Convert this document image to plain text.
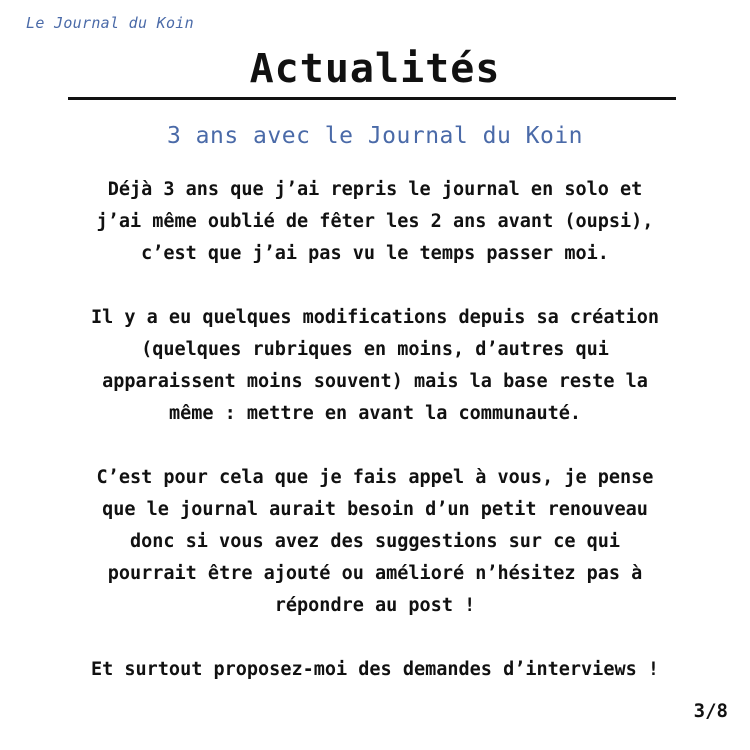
Le Journal du Koin
Actualités
3 ans avec le Journal du Koin

Déjà 3 ans que j’ai repris le journal en solo et
j’ai même oublié de fêter les 2 ans avant (oupsi),
c’est que j’ai pas vu le temps passer moi.

Il y a eu quelques modifications depuis sa création
(quelques rubriques en moins, d’autres qui
apparaissent moins souvent) mais la base reste la
même : mettre en avant la communauté.

C’est pour cela que je fais appel à vous, je pense
que le journal aurait besoin d’un petit renouveau
donc si vous avez des suggestions sur ce qui
pourrait être ajouté ou amélioré n’hésitez pas à
répondre au post !

Et surtout proposez-moi des demandes d’interviews !

3/8
